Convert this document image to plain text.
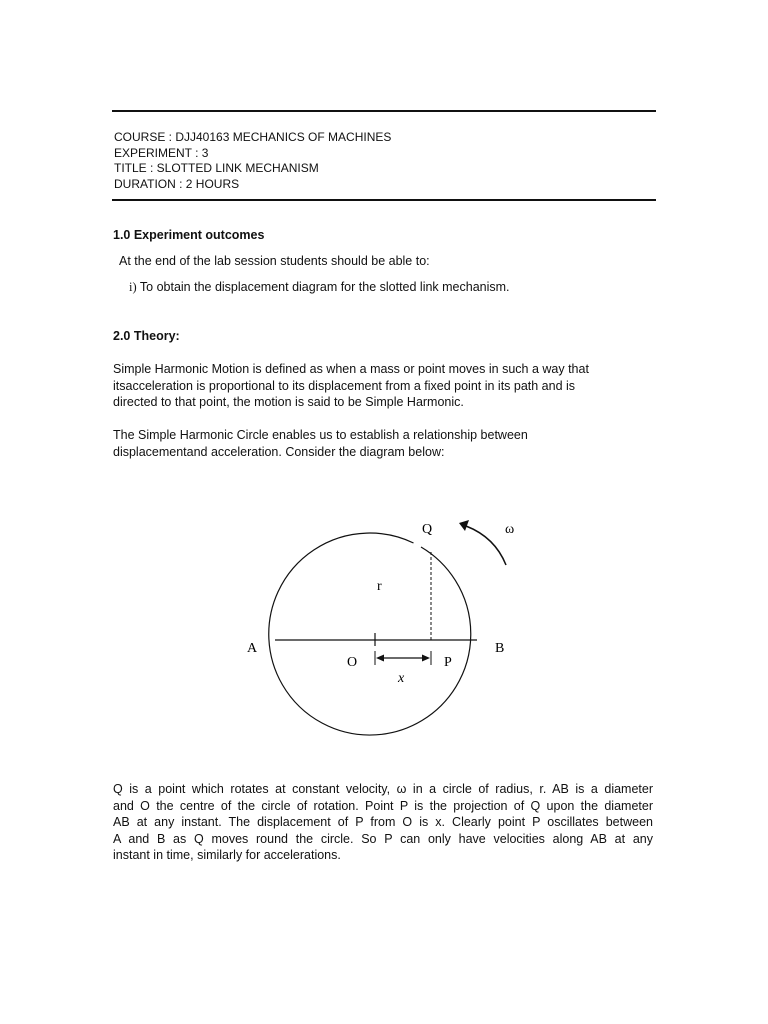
COURSE : DJJ40163 MECHANICS OF MACHINES
EXPERIMENT : 3
TITLE : SLOTTED LINK MECHANISM
DURATION : 2 HOURS
1.0 Experiment outcomes
At the end of the lab session students should be able to:
i) To obtain the displacement diagram for the slotted link mechanism.
2.0 Theory:
Simple Harmonic Motion is defined as when a mass or point moves in such a way that
itsacceleration is proportional to its displacement from a fixed point in its path and is
directed to that point, the motion is said to be Simple Harmonic.
The Simple Harmonic Circle enables us to establish a relationship between
displacementand acceleration. Consider the diagram below:
Q	ω
r
A	B
O	P
x
Q is a point which rotates at constant velocity, ω in a circle of radius, r. AB is a diameter
and O the centre of the circle of rotation. Point P is the projection of Q upon the diameter
AB at any instant. The displacement of P from O is x. Clearly point P oscillates between
A and B as Q moves round the circle. So P can only have velocities along AB at any
instant in time, similarly for accelerations.
